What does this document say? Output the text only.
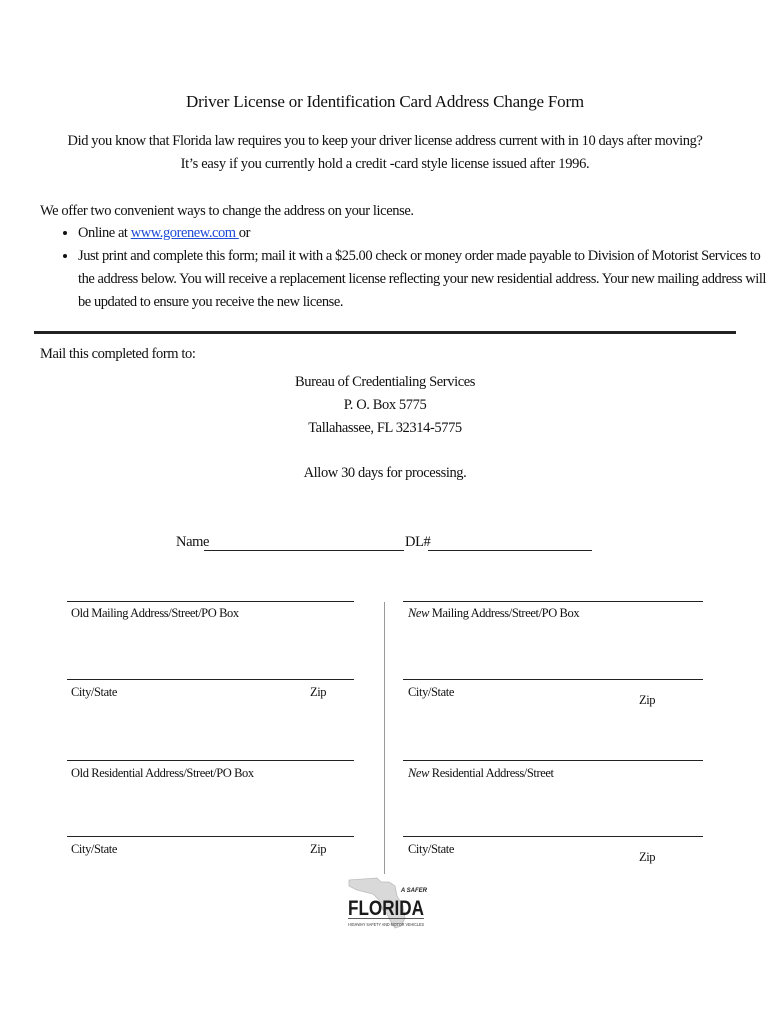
Driver License or Identification Card Address Change Form
Did you know that Florida law requires you to keep your driver license address current with in 10 days after moving?
It’s easy if you currently hold a credit -card style license issued after 1996.
We offer two convenient ways to change the address on your license.
• Online at www.gorenew.com or
• Just print and complete this form; mail it with a $25.00 check or money order made payable to Division of Motorist Services to the address below. You will receive a replacement license reflecting your new residential address. Your new mailing address will be updated to ensure you receive the new license.
Mail this completed form to:
Bureau of Credentialing Services
P. O. Box 5775
Tallahassee, FL 32314-5775
Allow 30 days for processing.
Name	DL#
Old Mailing Address/Street/PO Box
City/State	Zip
Old Residential Address/Street/PO Box
City/State	Zip
New Mailing Address/Street/PO Box
City/State
Zip
New Residential Address/Street
City/State
Zip
A SAFER
FLORIDA
HIGHWAY SAFETY AND MOTOR VEHICLES
